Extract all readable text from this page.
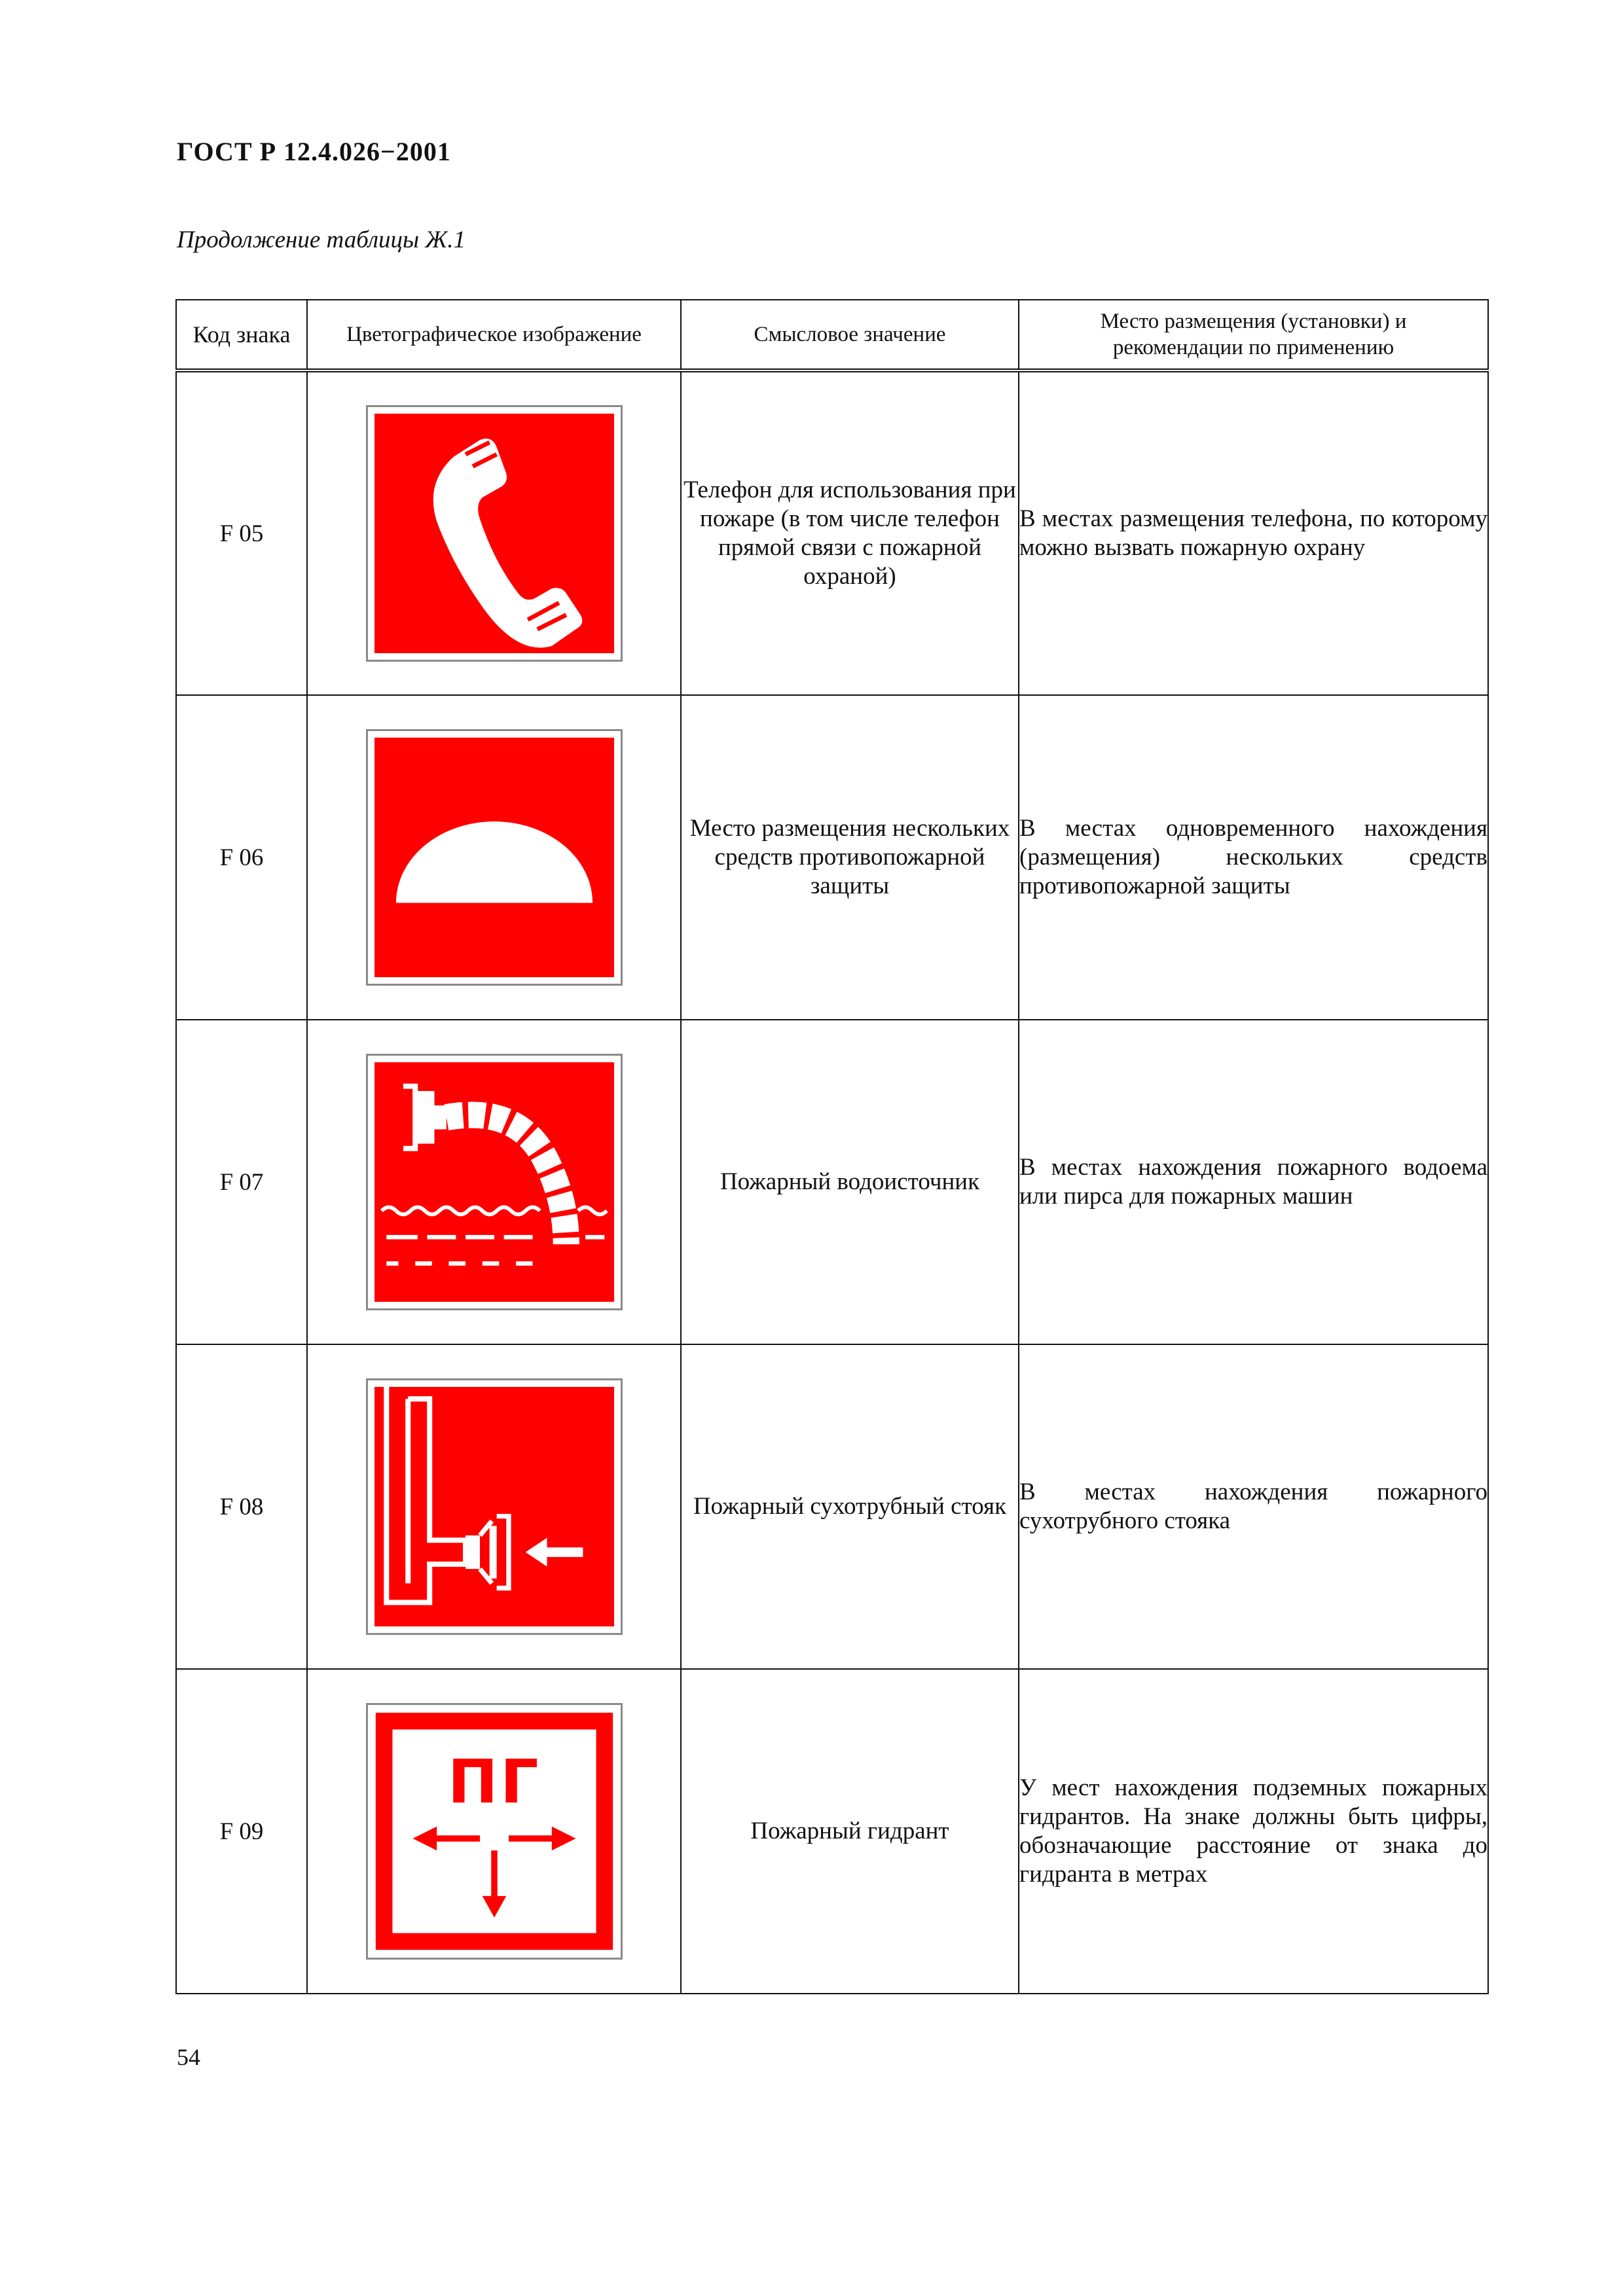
ГОСТ Р 12.4.026−2001
Продолжение таблицы Ж.1
Код знака	Цветографическое изображение	Смысловое значение	Место размещения (установки) и рекомендации по применению
F 05		Телефон для использования при пожаре (в том числе телефон прямой связи с пожарной охраной)	В местах размещения телефона, по которому можно вызвать пожарную охрану
F 06		Место размещения нескольких средств противопожарной защиты	В местах одновременного нахождения (размещения) нескольких средств противопожарной защиты
F 07		Пожарный водоисточник	В местах нахождения пожарного водоема или пирса для пожарных машин
F 08		Пожарный сухотрубный стояк	В местах нахождения пожарного сухотрубного стояка
F 09	ПГ	Пожарный гидрант	У мест нахождения подземных пожарных гидрантов. На знаке должны быть цифры, обозначающие расстояние от знака до гидранта в метрах
54
